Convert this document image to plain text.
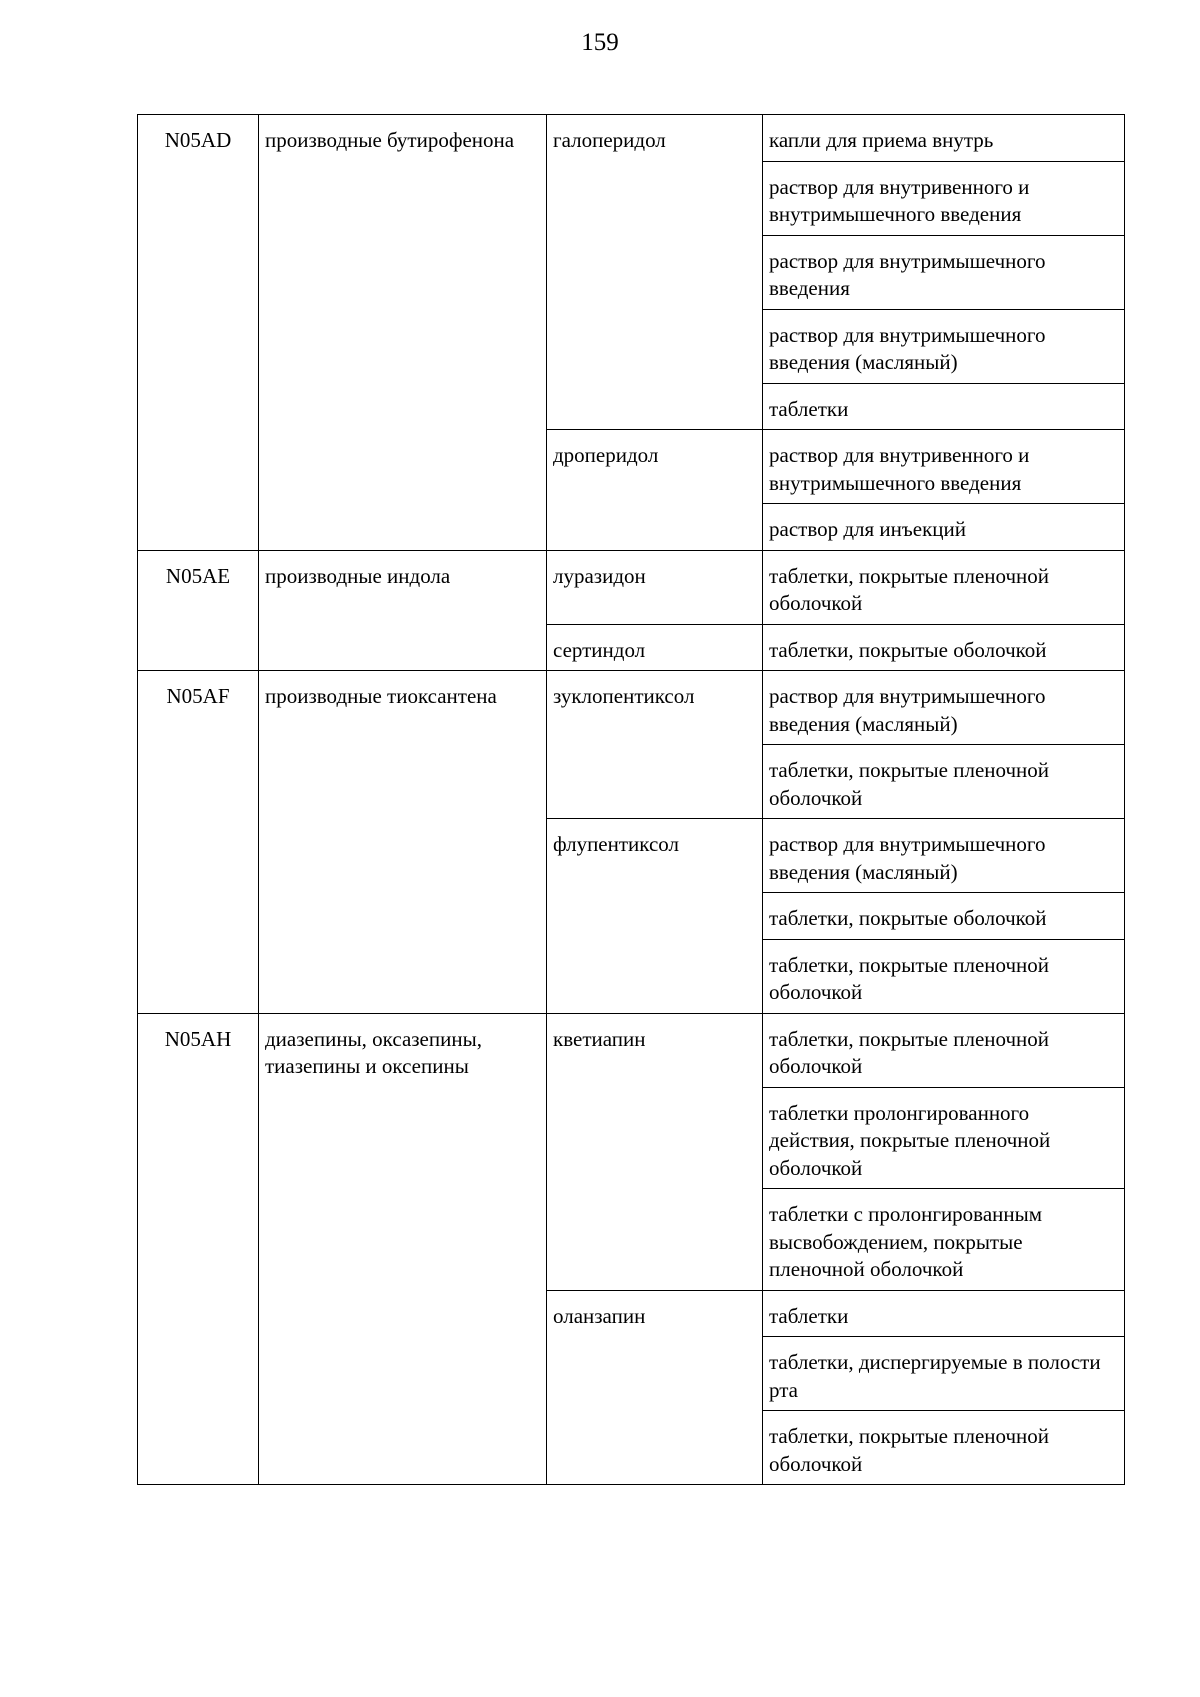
159
N05AD	производные бутирофенона	галоперидол	капли для приема внутрь
			раствор для внутривенного и внутримышечного введения
			раствор для внутримышечного введения
			раствор для внутримышечного введения (масляный)
			таблетки
		дроперидол	раствор для внутривенного и внутримышечного введения
			раствор для инъекций
N05AE	производные индола	луразидон	таблетки, покрытые пленочной оболочкой
		сертиндол	таблетки, покрытые оболочкой
N05AF	производные тиоксантена	зуклопентиксол	раствор для внутримышечного введения (масляный)
			таблетки, покрытые пленочной оболочкой
		флупентиксол	раствор для внутримышечного введения (масляный)
			таблетки, покрытые оболочкой
			таблетки, покрытые пленочной оболочкой
N05AH	диазепины, оксазепины, тиазепины и оксепины	кветиапин	таблетки, покрытые пленочной оболочкой
			таблетки пролонгированного действия, покрытые пленочной оболочкой
			таблетки с пролонгированным высвобождением, покрытые пленочной оболочкой
		оланзапин	таблетки
			таблетки, диспергируемые в полости рта
			таблетки, покрытые пленочной оболочкой
